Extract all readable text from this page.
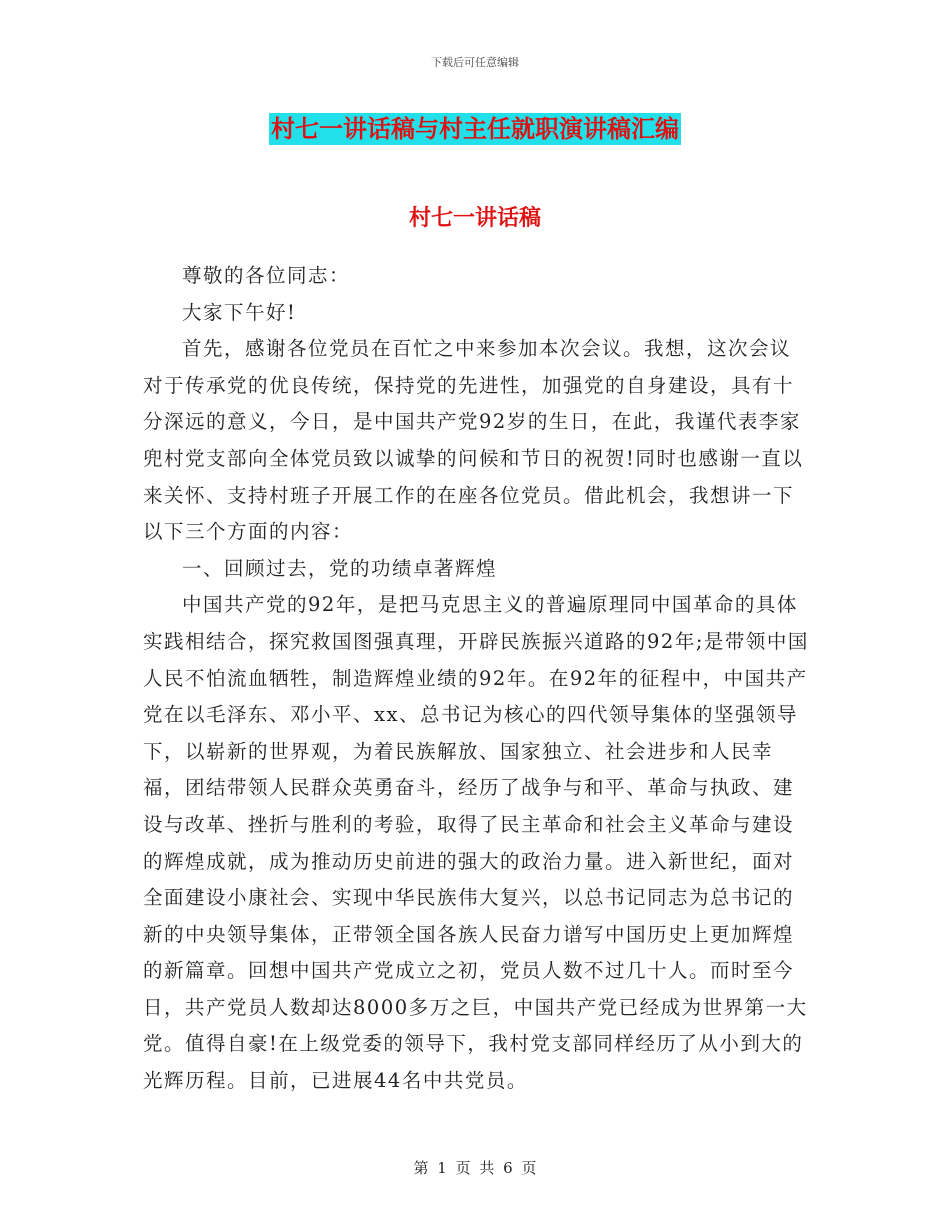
下载后可任意编辑
村七一讲话稿与村主任就职演讲稿汇编
村七一讲话稿

尊敬的各位同志：

大家下午好!

首先，感谢各位党员在百忙之中来参加本次会议。我想，这次会议对于传承党的优良传统，保持党的先进性，加强党的自身建设，具有十分深远的意义，今日，是中国共产党92岁的生日，在此，我谨代表李家兜村党支部向全体党员致以诚挚的问候和节日的祝贺!同时也感谢一直以来关怀、支持村班子开展工作的在座各位党员。借此机会，我想讲一下以下三个方面的内容：

一、回顾过去，党的功绩卓著辉煌

中国共产党的92年，是把马克思主义的普遍原理同中国革命的具体实践相结合，探究救国图强真理，开辟民族振兴道路的92年;是带领中国人民不怕流血牺牲，制造辉煌业绩的92年。在92年的征程中，中国共产党在以毛泽东、邓小平、xx、总书记为核心的四代领导集体的坚强领导下，以崭新的世界观，为着民族解放、国家独立、社会进步和人民幸福，团结带领人民群众英勇奋斗，经历了战争与和平、革命与执政、建设与改革、挫折与胜利的考验，取得了民主革命和社会主义革命与建设的辉煌成就，成为推动历史前进的强大的政治力量。进入新世纪，面对全面建设小康社会、实现中华民族伟大复兴，以总书记同志为总书记的新的中央领导集体，正带领全国各族人民奋力谱写中国历史上更加辉煌的新篇章。回想中国共产党成立之初，党员人数不过几十人。而时至今日，共产党员人数却达8000多万之巨，中国共产党已经成为世界第一大党。值得自豪!在上级党委的领导下，我村党支部同样经历了从小到大的光辉历程。目前，已进展44名中共党员。

第 1 页 共 6 页
